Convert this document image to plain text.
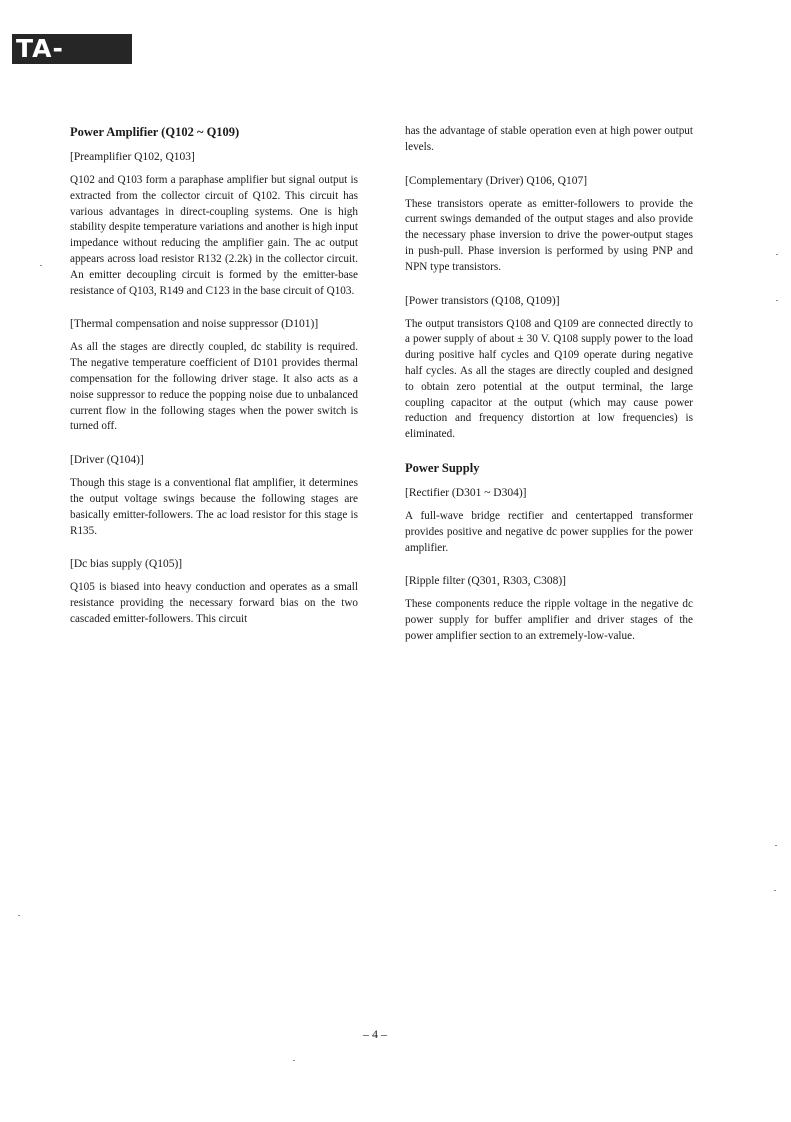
TA-1055
Power Amplifier (Q102 ~ Q109)
[Preamplifier Q102, Q103]

Q102 and Q103 form a paraphase amplifier but signal output is extracted from the collector circuit of Q102. This circuit has various advantages in direct-coupling systems. One is high stability despite temperature variations and another is high input impedance without reducing the amplifier gain. The ac output appears across load resistor R132 (2.2k) in the collector circuit. An emitter decoupling circuit is formed by the emitter-base resistance of Q103, R149 and C123 in the base circuit of Q103.

[Thermal compensation and noise suppressor (D101)]

As all the stages are directly coupled, dc stability is required. The negative temperature coefficient of D101 provides thermal compensation for the following driver stage. It also acts as a noise suppressor to reduce the popping noise due to unbalanced current flow in the following stages when the power switch is turned off.

[Driver (Q104)]

Though this stage is a conventional flat amplifier, it determines the output voltage swings because the following stages are basically emitter-followers. The ac load resistor for this stage is R135.

[Dc bias supply (Q105)]

Q105 is biased into heavy conduction and operates as a small resistance providing the necessary forward bias on the two cascaded emitter-followers. This circuit

has the advantage of stable operation even at high power output levels.

[Complementary (Driver) Q106, Q107]

These transistors operate as emitter-followers to provide the current swings demanded of the output stages and also provide the necessary phase inversion to drive the power-output stages in push-pull. Phase inversion is performed by using PNP and NPN type transistors.

[Power transistors (Q108, Q109)]

The output transistors Q108 and Q109 are connected directly to a power supply of about ± 30 V. Q108 supply power to the load during positive half cycles and Q109 operate during negative half cycles. As all the stages are directly coupled and designed to obtain zero potential at the output terminal, the large coupling capacitor at the output (which may cause power reduction and frequency distortion at low frequencies) is eliminated.

Power Supply
[Rectifier (D301 ~ D304)]

A full-wave bridge rectifier and centertapped transformer provides positive and negative dc power supplies for the power amplifier.

[Ripple filter (Q301, R303, C308)]

These components reduce the ripple voltage in the negative dc power supply for buffer amplifier and driver stages of the power amplifier section to an extremely-low-value.

– 4 –
